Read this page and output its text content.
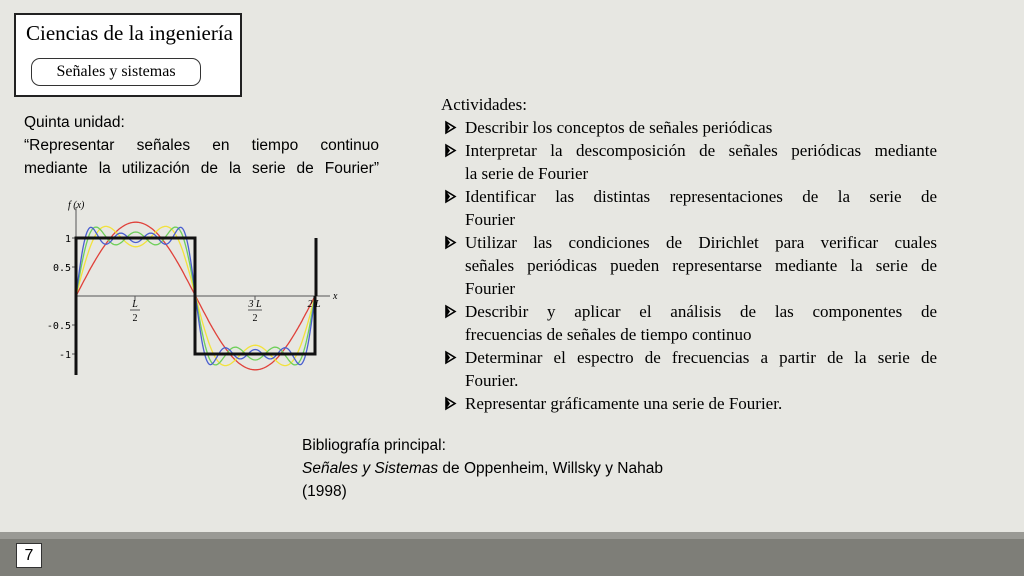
Ciencias de la ingeniería
Señales y sistemas
Quinta unidad:
“Representar señales en tiempo continuo
mediante la utilización de la serie de Fourier”
f (x)
x
1
0.5
-0.5
-1
L
2
3 L
2
2 L
Actividades:
Describir los conceptos de señales periódicas
Interpretar la descomposición de señales periódicas mediante
la serie de Fourier
Identificar las distintas representaciones de la serie de
Fourier
Utilizar las condiciones de Dirichlet para verificar cuales
señales periódicas pueden representarse mediante la serie de
Fourier
Describir y aplicar el análisis de las componentes de
frecuencias de señales de tiempo continuo
Determinar el espectro de frecuencias a partir de la serie de
Fourier.
Representar gráficamente una serie de Fourier.
Bibliografía principal:
Señales y Sistemas de Oppenheim, Willsky y Nahab
(1998)
7
